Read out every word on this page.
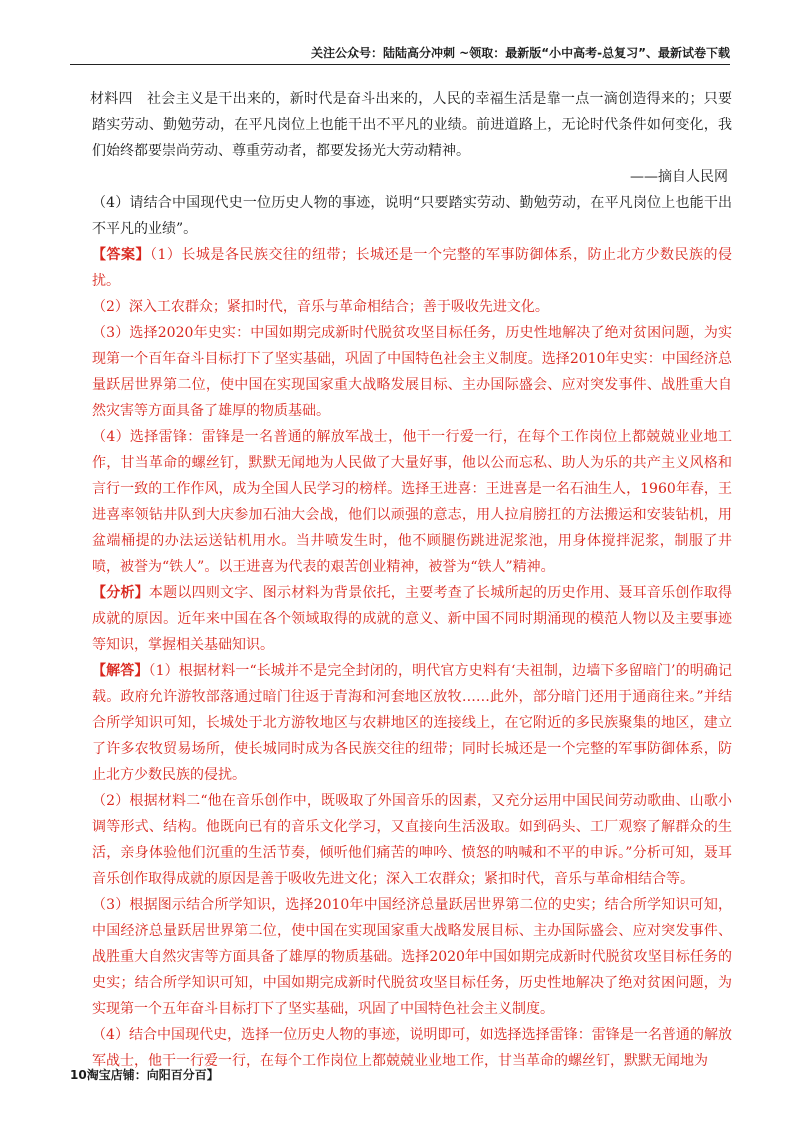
关注公众号：陆陆高分冲刺 ~领取：最新版“小中高考-总复习”、最新试卷下载

材料四 社会主义是干出来的，新时代是奋斗出来的，人民的幸福生活是靠一点一滴创造得来的；只要踏实劳动、勤勉劳动，在平凡岗位上也能干出不平凡的业绩。前进道路上，无论时代条件如何变化，我们始终都要崇尚劳动、尊重劳动者，都要发扬光大劳动精神。

——摘自人民网

（4）请结合中国现代史一位历史人物的事迹，说明“只要踏实劳动、勤勉劳动，在平凡岗位上也能干出不平凡的业绩”。

【答案】（1）长城是各民族交往的纽带；长城还是一个完整的军事防御体系，防止北方少数民族的侵扰。

（2）深入工农群众；紧扣时代，音乐与革命相结合；善于吸收先进文化。

（3）选择2020年史实：中国如期完成新时代脱贫攻坚目标任务，历史性地解决了绝对贫困问题，为实现第一个百年奋斗目标打下了坚实基础，巩固了中国特色社会主义制度。选择2010年史实：中国经济总量跃居世界第二位，使中国在实现国家重大战略发展目标、主办国际盛会、应对突发事件、战胜重大自然灾害等方面具备了雄厚的物质基础。

（4）选择雷锋：雷锋是一名普通的解放军战士，他干一行爱一行，在每个工作岗位上都兢兢业业地工作，甘当革命的螺丝钉，默默无闻地为人民做了大量好事，他以公而忘私、助人为乐的共产主义风格和言行一致的工作作风，成为全国人民学习的榜样。选择王进喜：王进喜是一名石油生人，1960年春，王进喜率领钻井队到大庆参加石油大会战，他们以顽强的意志，用人拉肩膀扛的方法搬运和安装钻机，用盆端桶提的办法运送钻机用水。当井喷发生时，他不顾腿伤跳进泥浆池，用身体搅拌泥浆，制服了井喷，被誉为“铁人”。以王进喜为代表的艰苦创业精神，被誉为“铁人”精神。

【分析】本题以四则文字、图示材料为背景依托，主要考查了长城所起的历史作用、聂耳音乐创作取得成就的原因。近年来中国在各个领域取得的成就的意义、新中国不同时期涌现的模范人物以及主要事迹等知识，掌握相关基础知识。

【解答】（1）根据材料一“长城并不是完全封闭的，明代官方史料有‘夫祖制，边墙下多留暗门’的明确记载。政府允许游牧部落通过暗门往返于青海和河套地区放牧……此外，部分暗门还用于通商往来。”并结合所学知识可知，长城处于北方游牧地区与农耕地区的连接线上，在它附近的多民族聚集的地区，建立了许多农牧贸易场所，使长城同时成为各民族交往的纽带；同时长城还是一个完整的军事防御体系，防止北方少数民族的侵扰。

（2）根据材料二“他在音乐创作中，既吸取了外国音乐的因素，又充分运用中国民间劳动歌曲、山歌小调等形式、结构。他既向已有的音乐文化学习，又直接向生活汲取。如到码头、工厂观察了解群众的生活，亲身体验他们沉重的生活节奏，倾听他们痛苦的呻吟、愤怒的呐喊和不平的申诉。”分析可知，聂耳音乐创作取得成就的原因是善于吸收先进文化；深入工农群众；紧扣时代，音乐与革命相结合等。

（3）根据图示结合所学知识，选择2010年中国经济总量跃居世界第二位的史实；结合所学知识可知，中国经济总量跃居世界第二位，使中国在实现国家重大战略发展目标、主办国际盛会、应对突发事件、战胜重大自然灾害等方面具备了雄厚的物质基础。选择2020年中国如期完成新时代脱贫攻坚目标任务的史实；结合所学知识可知，中国如期完成新时代脱贫攻坚目标任务，历史性地解决了绝对贫困问题，为实现第一个五年奋斗目标打下了坚实基础，巩固了中国特色社会主义制度。

（4）结合中国现代史，选择一位历史人物的事迹，说明即可，如选择选择雷锋：雷锋是一名普通的解放军战士，他干一行爱一行，在每个工作岗位上都兢兢业业地工作，甘当革命的螺丝钉，默默无闻地为

10淘宝店铺：向阳百分百】
